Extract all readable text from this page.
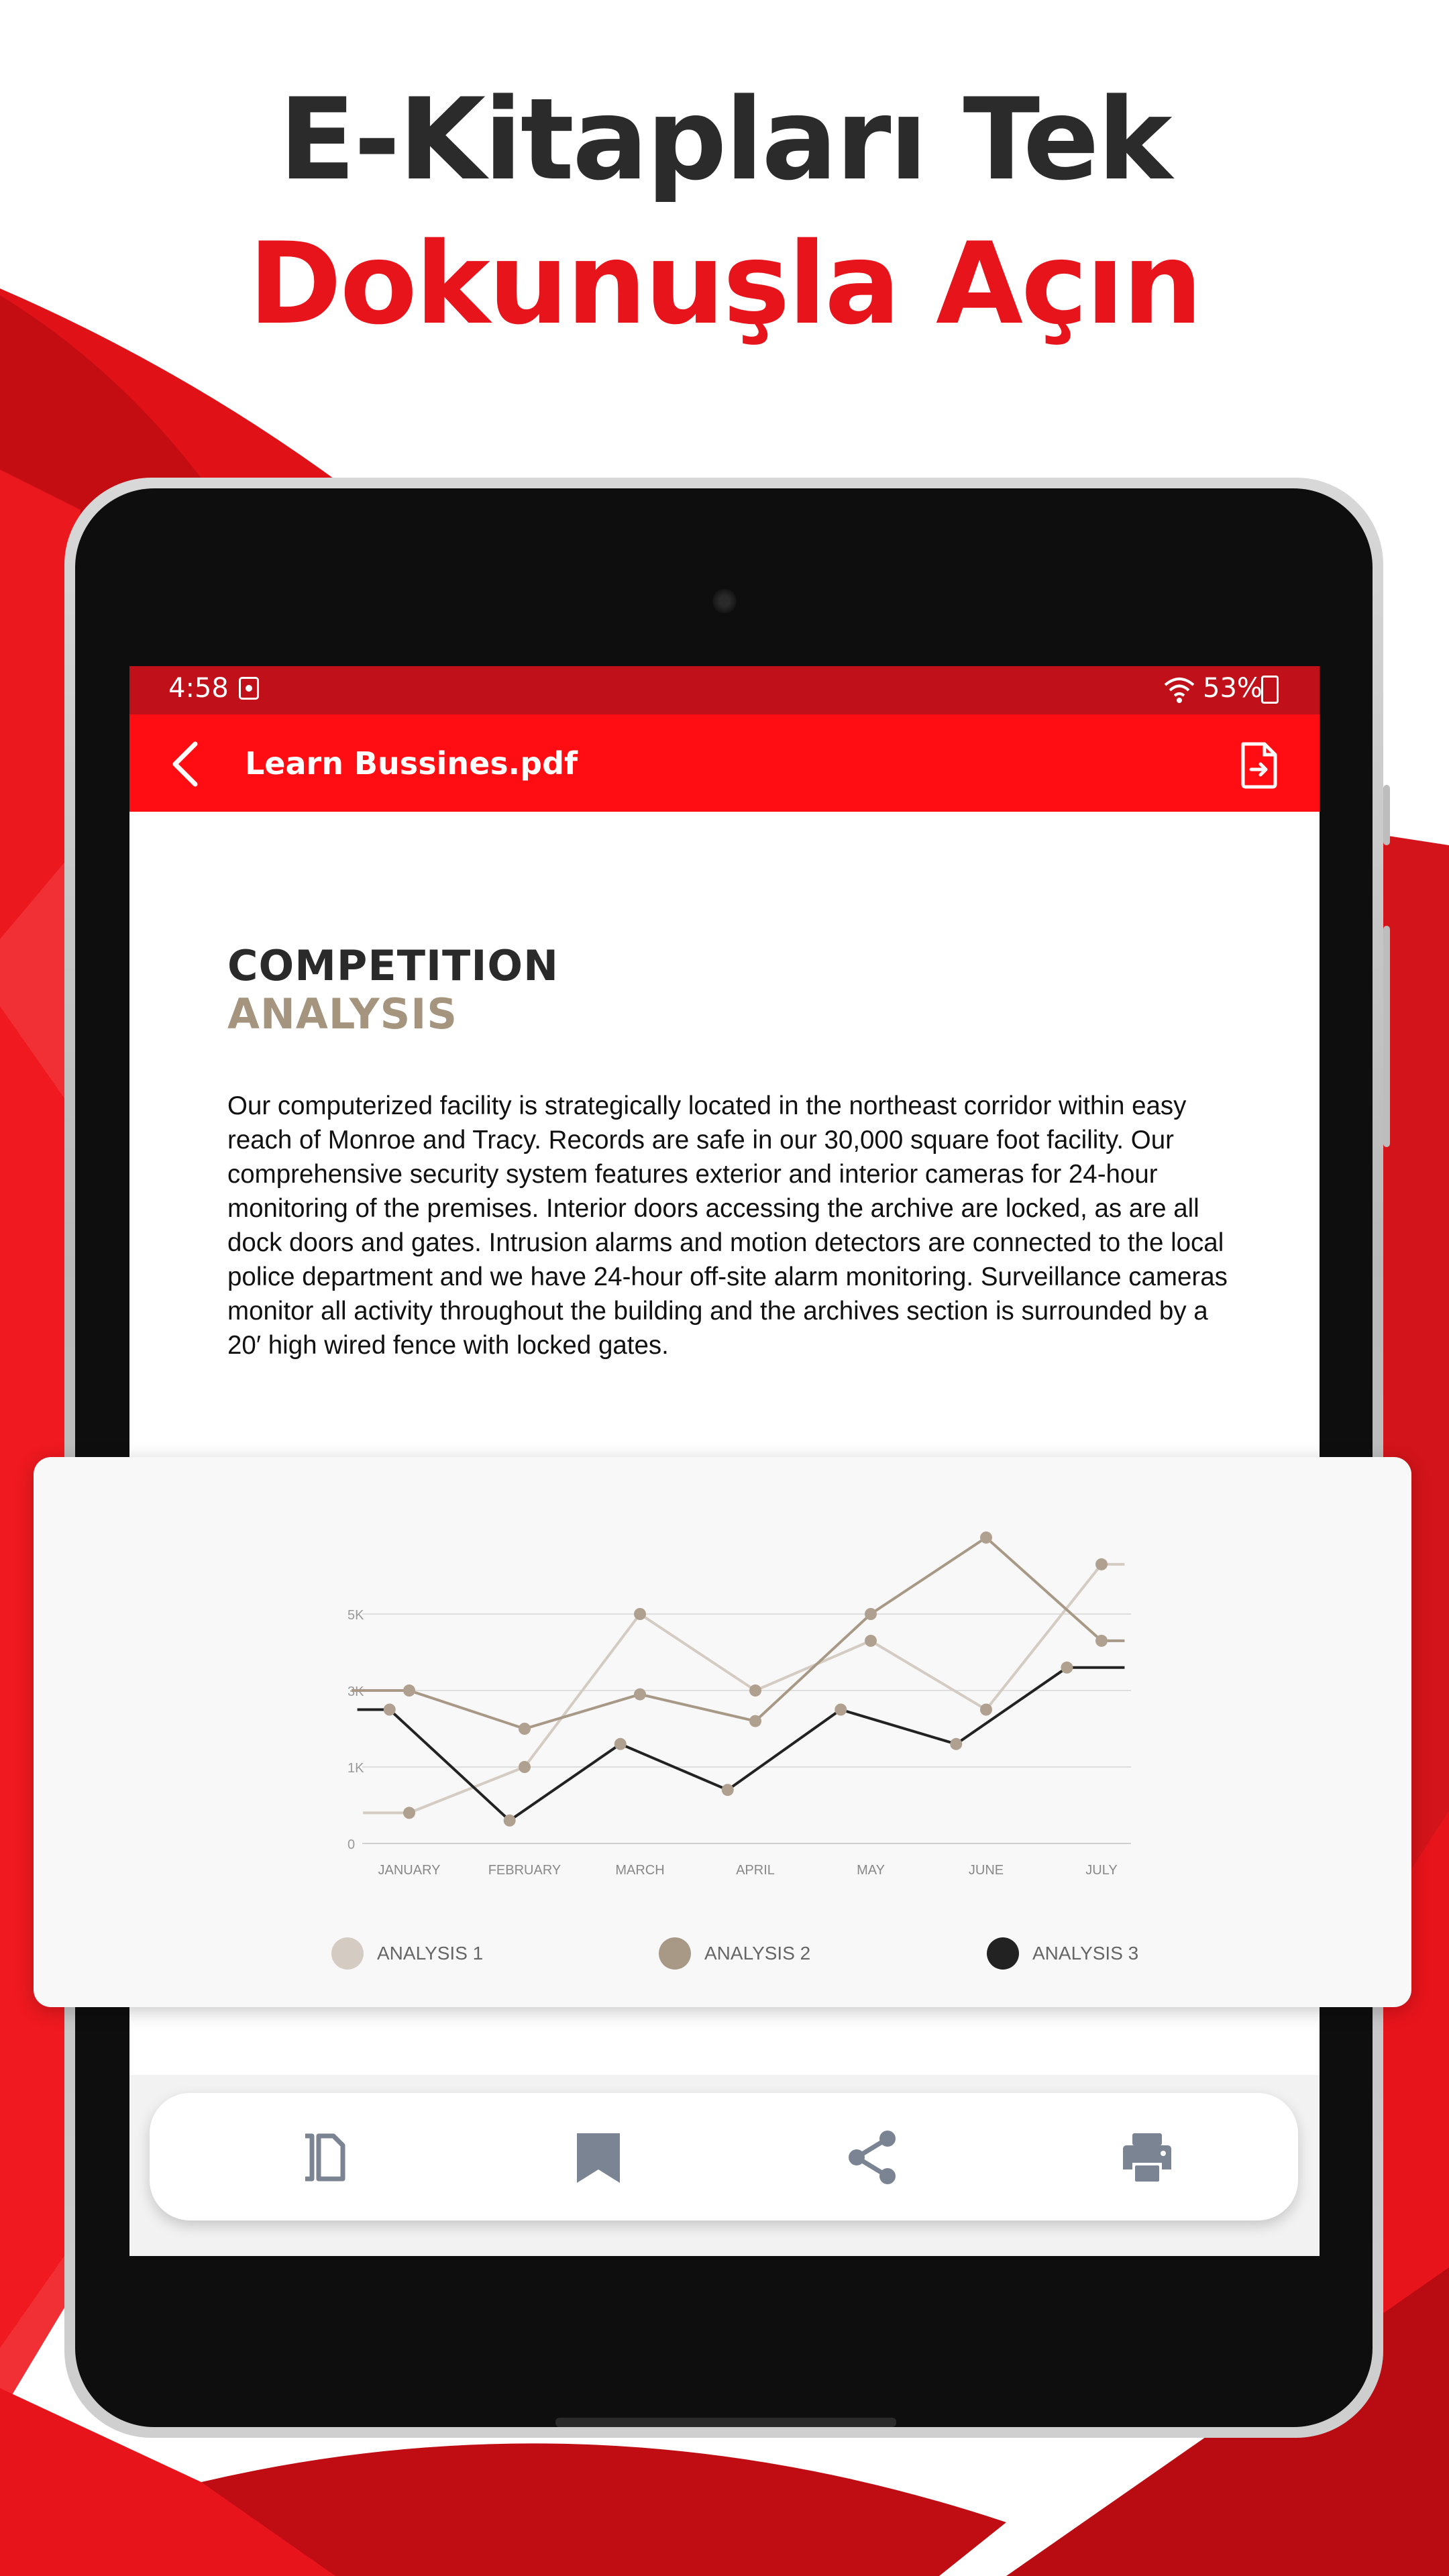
E-Kitapları Tek
Dokunuşla Açın
4:58	53%
Learn Bussines.pdf
COMPETITION
ANALYSIS
Our computerized facility is strategically located in the northeast corridor within easy reach of Monroe and Tracy. Records are safe in our 30,000 square foot facility. Our comprehensive security system features exterior and interior cameras for 24-hour monitoring of the premises. Interior doors accessing the archive are locked, as are all dock doors and gates. Intrusion alarms and motion detectors are connected to the local police department and we have 24-hour off-site alarm monitoring. Surveillance cameras monitor all activity throughout the building and the archives section is surrounded by a 20′ high wired fence with locked gates.
0
1K
3K
5K
JANUARY	FEBRUARY	MARCH	APRIL	MAY	JUNE	JULY
ANALYSIS 1	ANALYSIS 2	ANALYSIS 3
